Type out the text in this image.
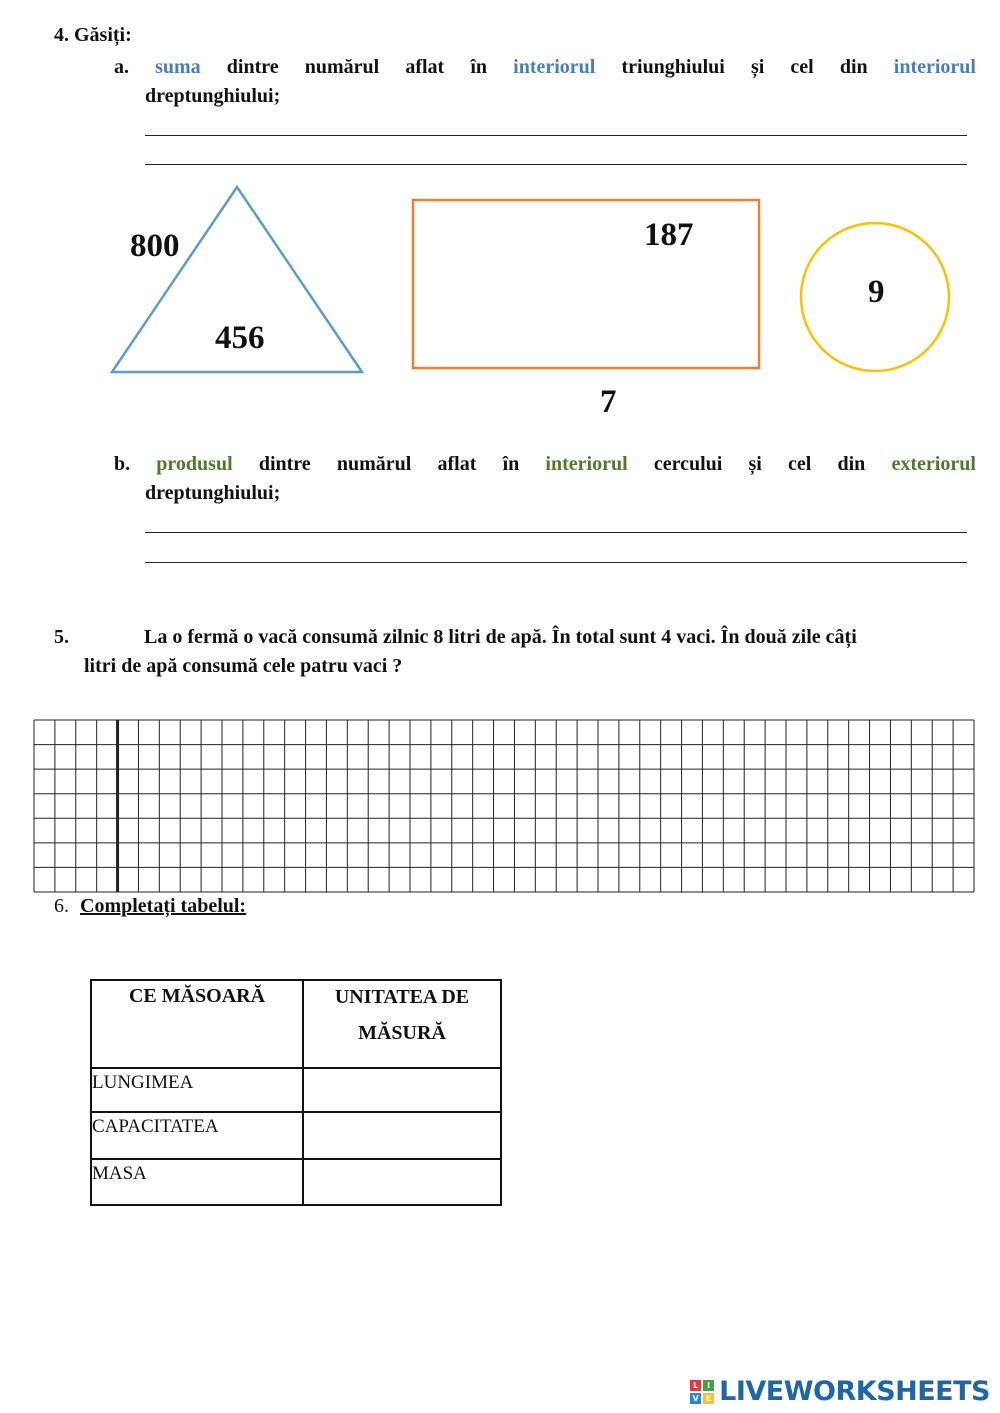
4. Găsiți:
a. suma dintre numărul aflat în interiorul triunghiului și cel din interiorul
dreptunghiului;
800
456
187
7
9
b. produsul dintre numărul aflat în interiorul cercului și cel din exteriorul
dreptunghiului;
5.	La o fermă o vacă consumă zilnic 8 litri de apă. În total sunt 4 vaci. În două zile câți
litri de apă consumă cele patru vaci ?
6. Completați tabelul:
CE MĂSOARĂ	UNITATEA DE
MĂSURĂ

LUNGIMEA	
CAPACITATEA	
MASA	
L	I
V E LIVEWORKSHEETS
